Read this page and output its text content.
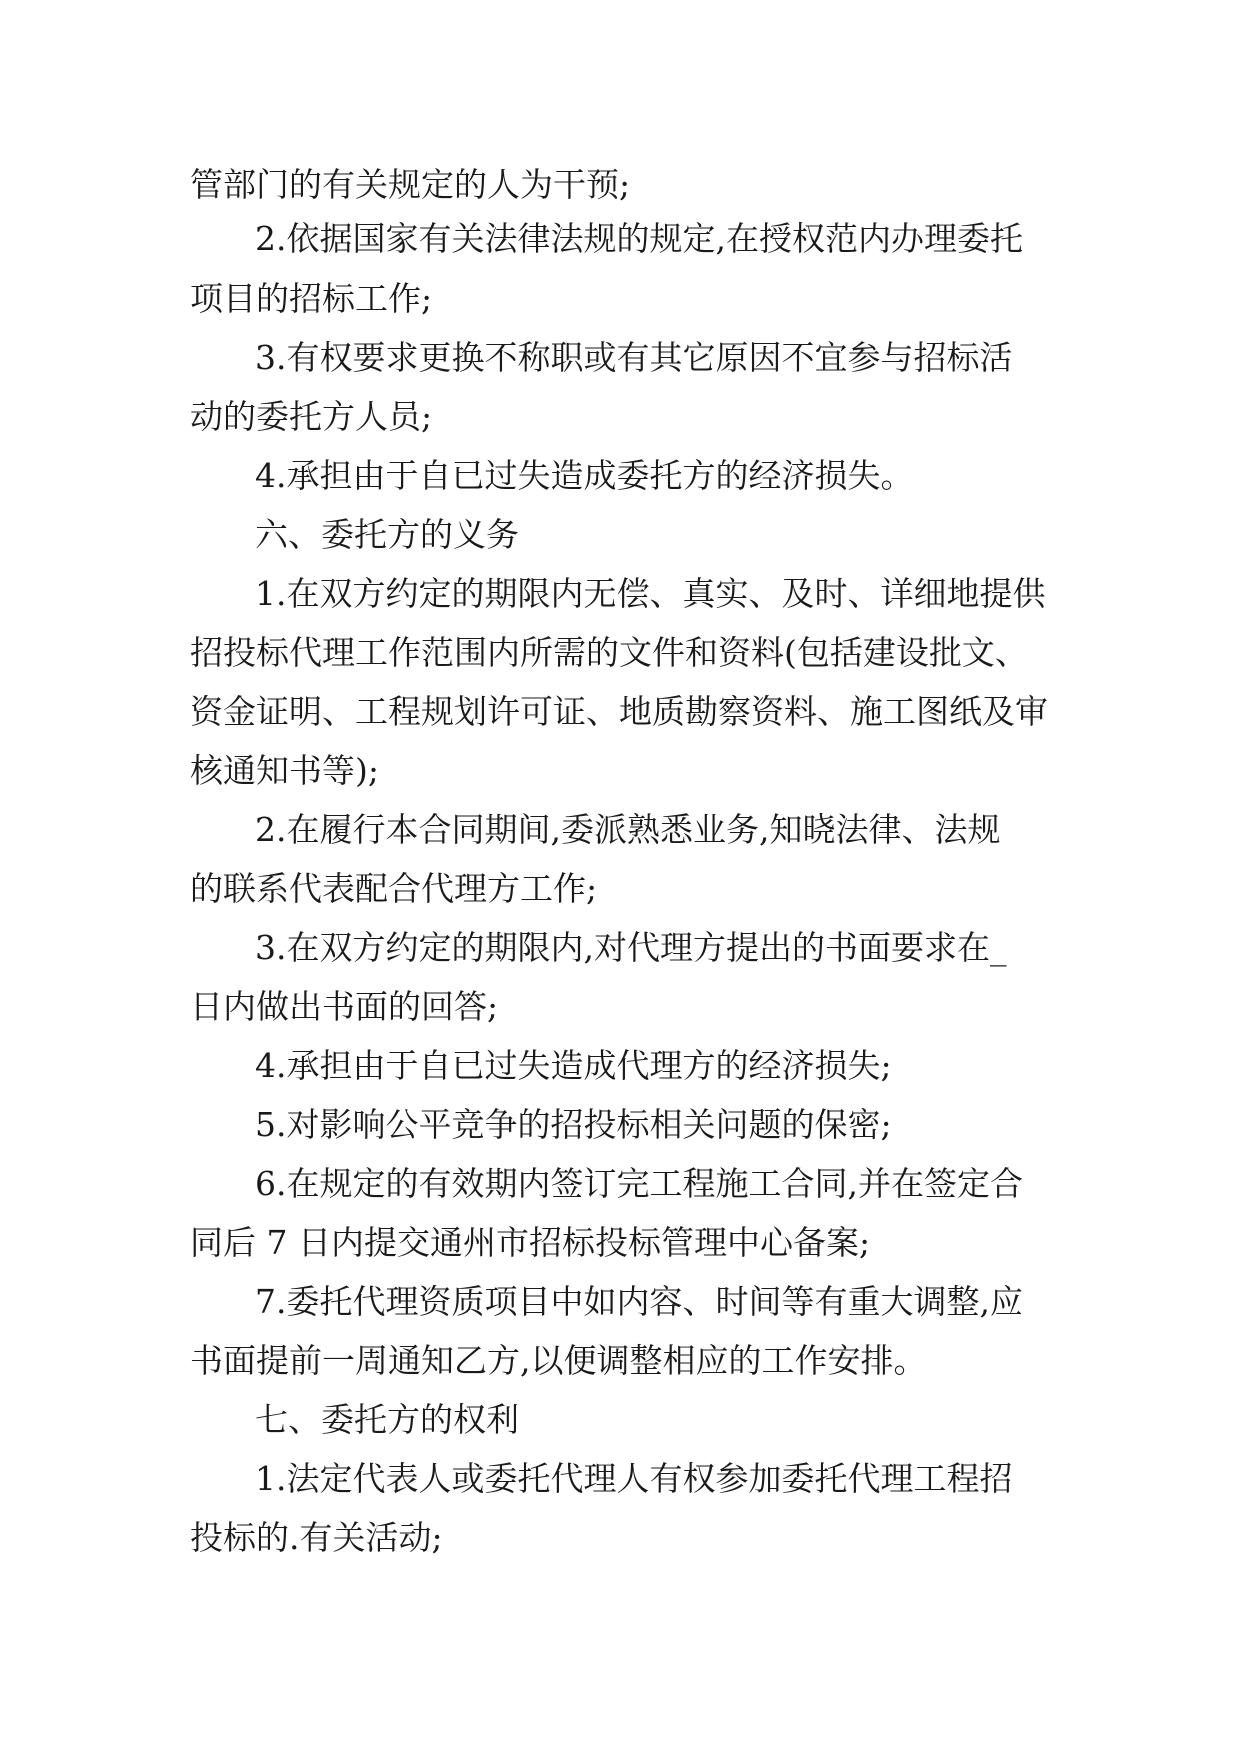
管部门的有关规定的人为干预;
2.依据国家有关法律法规的规定,在授权范内办理委托
项目的招标工作;
3.有权要求更换不称职或有其它原因不宜参与招标活
动的委托方人员;
4.承担由于自已过失造成委托方的经济损失。
六、委托方的义务
1.在双方约定的期限内无偿、真实、及时、详细地提供
招投标代理工作范围内所需的文件和资料(包括建设批文、
资金证明、工程规划许可证、地质勘察资料、施工图纸及审
核通知书等);
2.在履行本合同期间,委派熟悉业务,知晓法律、法规
的联系代表配合代理方工作;
3.在双方约定的期限内,对代理方提出的书面要求在_
日内做出书面的回答;
4.承担由于自已过失造成代理方的经济损失;
5.对影响公平竞争的招投标相关问题的保密;
6.在规定的有效期内签订完工程施工合同,并在签定合
同后 7 日内提交通州市招标投标管理中心备案;
7.委托代理资质项目中如内容、时间等有重大调整,应
书面提前一周通知乙方,以便调整相应的工作安排。
七、委托方的权利
1.法定代表人或委托代理人有权参加委托代理工程招
投标的.有关活动;
